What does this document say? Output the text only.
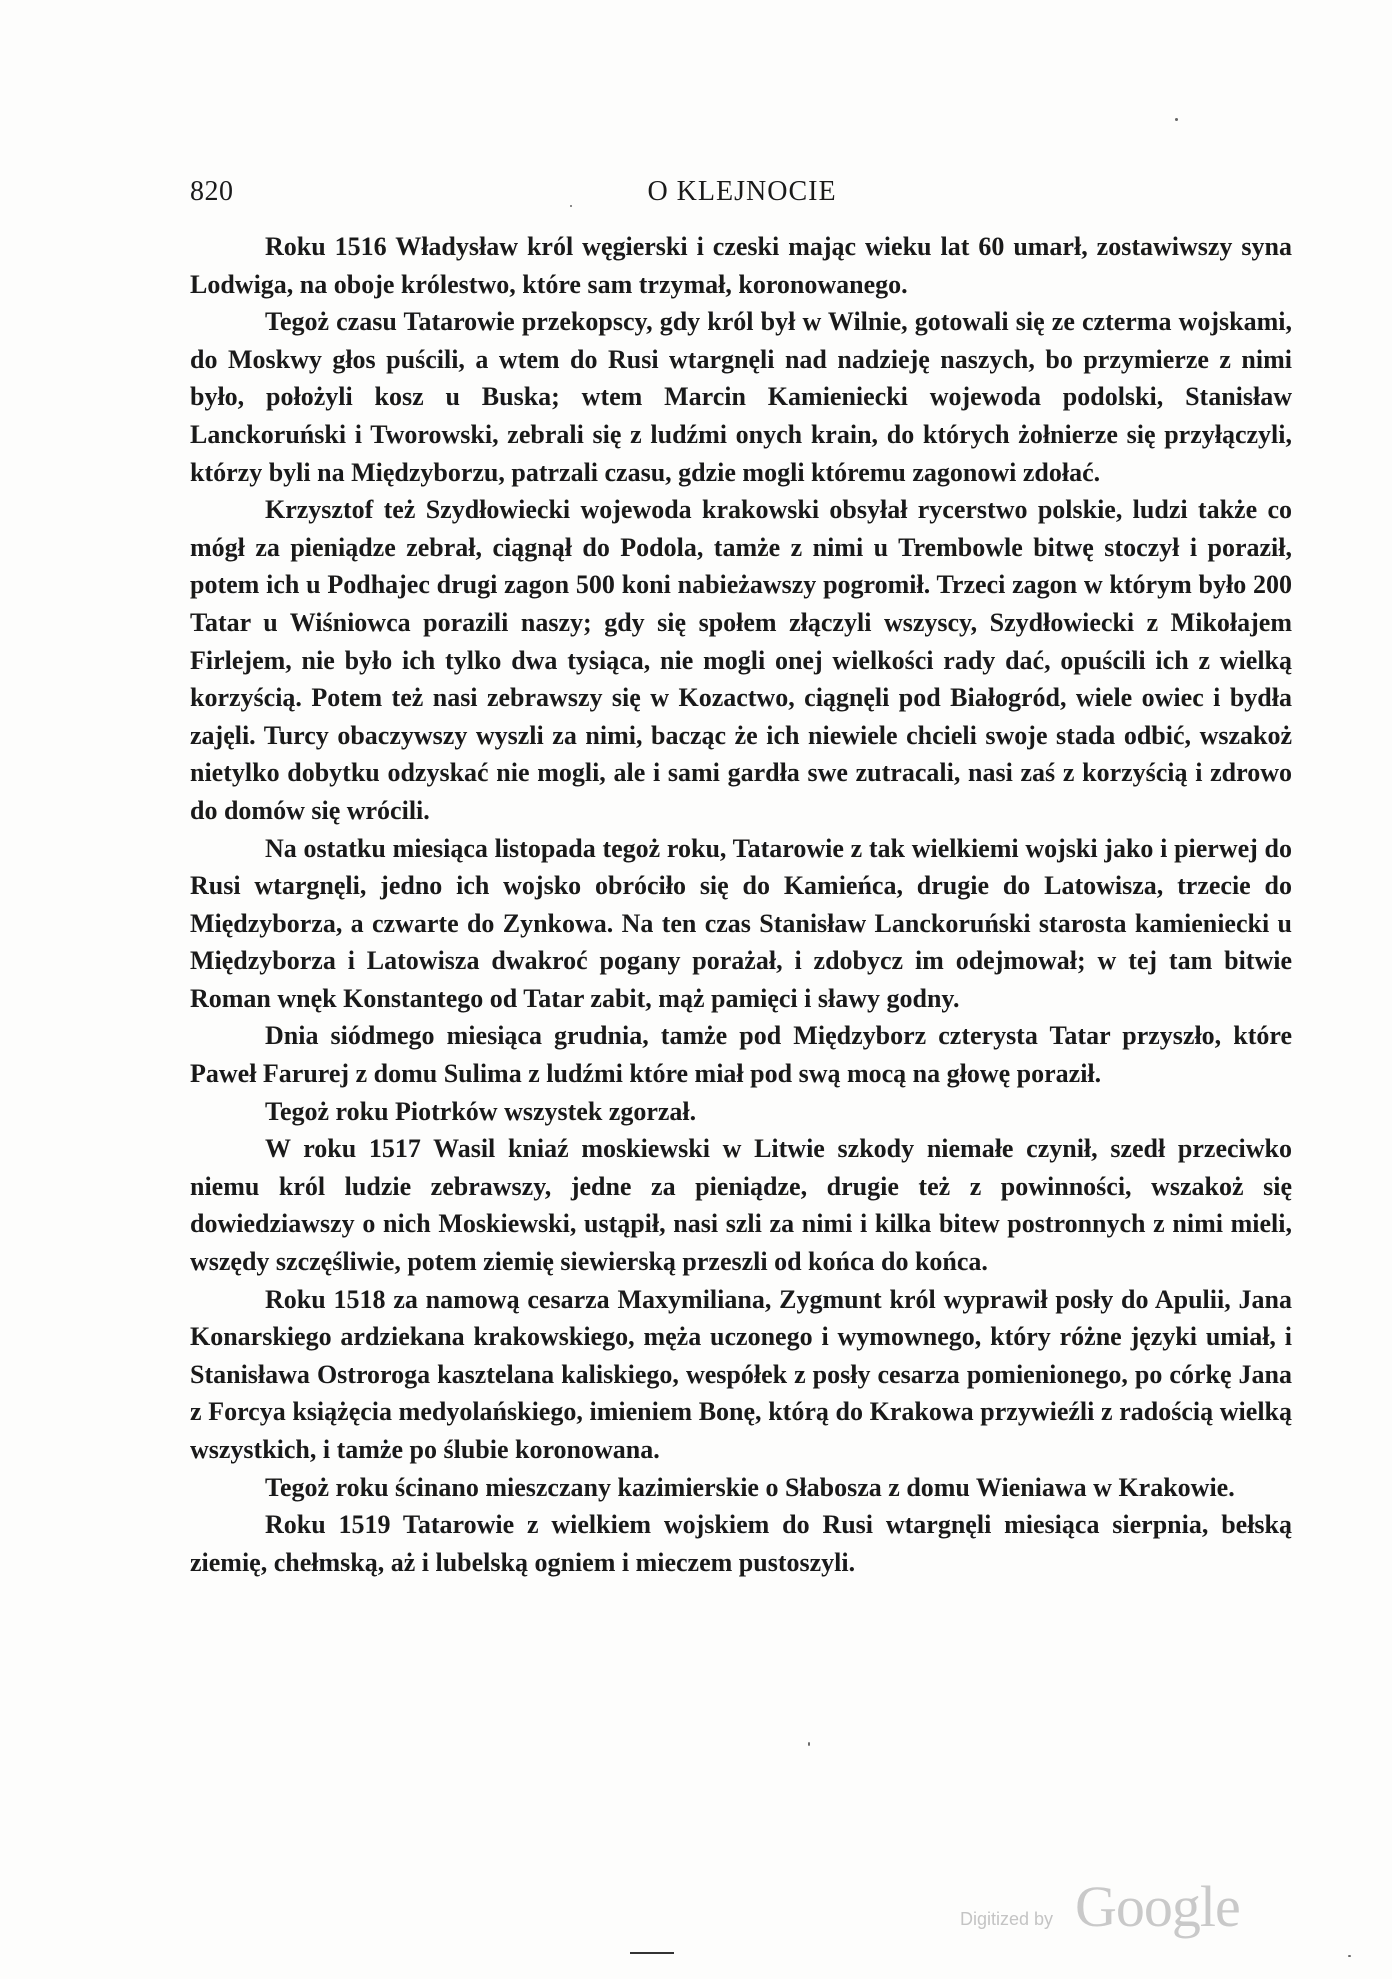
820	O KLEJNOCIE

Roku 1516 Władysław król węgierski i czeski mając wieku lat 60 umarł, zostawiwszy syna Lodwiga, na oboje królestwo, które sam trzymał, koronowanego.

Tegoż czasu Tatarowie przekopscy, gdy król był w Wilnie, gotowali się ze czterma wojskami, do Moskwy głos puścili, a wtem do Rusi wtargnęli nad nadzieję naszych, bo przymierze z nimi było, położyli kosz u Buska; wtem Marcin Kamieniecki wojewoda podolski, Stanisław Lanckoruński i Tworowski, zebrali się z ludźmi onych krain, do których żołnierze się przyłączyli, którzy byli na Międzyborzu, patrzali czasu, gdzie mogli któremu zagonowi zdołać.

Krzysztof też Szydłowiecki wojewoda krakowski obsyłał rycerstwo polskie, ludzi także co mógł za pieniądze zebrał, ciągnął do Podola, tamże z nimi u Trembowle bitwę stoczył i poraził, potem ich u Podhajec drugi zagon 500 koni nabieżawszy pogromił. Trzeci zagon w którym było 200 Tatar u Wiśniowca porazili naszy; gdy się społem złączyli wszyscy, Szydłowiecki z Mikołajem Firlejem, nie było ich tylko dwa tysiąca, nie mogli onej wielkości rady dać, opuścili ich z wielką korzyścią. Potem też nasi zebrawszy się w Kozactwo, ciągnęli pod Białogród, wiele owiec i bydła zajęli. Turcy obaczywszy wyszli za nimi, bacząc że ich niewiele chcieli swoje stada odbić, wszakoż nietylko dobytku odzyskać nie mogli, ale i sami gardła swe zutracali, nasi zaś z korzyścią i zdrowo do domów się wrócili.

Na ostatku miesiąca listopada tegoż roku, Tatarowie z tak wielkiemi wojski jako i pierwej do Rusi wtargnęli, jedno ich wojsko obróciło się do Kamieńca, drugie do Latowisza, trzecie do Międzyborza, a czwarte do Zynkowa. Na ten czas Stanisław Lanckoruński starosta kamieniecki u Międzyborza i Latowisza dwakroć pogany porażał, i zdobycz im odejmował; w tej tam bitwie Roman wnęk Konstantego od Tatar zabit, mąż pamięci i sławy godny.

Dnia siódmego miesiąca grudnia, tamże pod Międzyborz czterysta Tatar przyszło, które Paweł Farurej z domu Sulima z ludźmi które miał pod swą mocą na głowę poraził.

Tegoż roku Piotrków wszystek zgorzał.

W roku 1517 Wasil kniaź moskiewski w Litwie szkody niemałe czynił, szedł przeciwko niemu król ludzie zebrawszy, jedne za pieniądze, drugie też z powinności, wszakoż się dowiedziawszy o nich Moskiewski, ustąpił, nasi szli za nimi i kilka bitew postronnych z nimi mieli, wszędy szczęśliwie, potem ziemię siewierską przeszli od końca do końca.

Roku 1518 za namową cesarza Maxymiliana, Zygmunt król wyprawił posły do Apulii, Jana Konarskiego ardziekana krakowskiego, męża uczonego i wymownego, który różne języki umiał, i Stanisława Ostroroga kasztelana kaliskiego, wespółek z posły cesarza pomienionego, po córkę Jana z Forcya książęcia medyolańskiego, imieniem Bonę, którą do Krakowa przywieźli z radością wielką wszystkich, i tamże po ślubie koronowana.

Tegoż roku ścinano mieszczany kazimierskie o Słabosza z domu Wieniawa w Krakowie.

Roku 1519 Tatarowie z wielkiem wojskiem do Rusi wtargnęli miesiąca sierpnia, bełską ziemię, chełmską, aż i lubelską ogniem i mieczem pustoszyli.

Digitized by Google
